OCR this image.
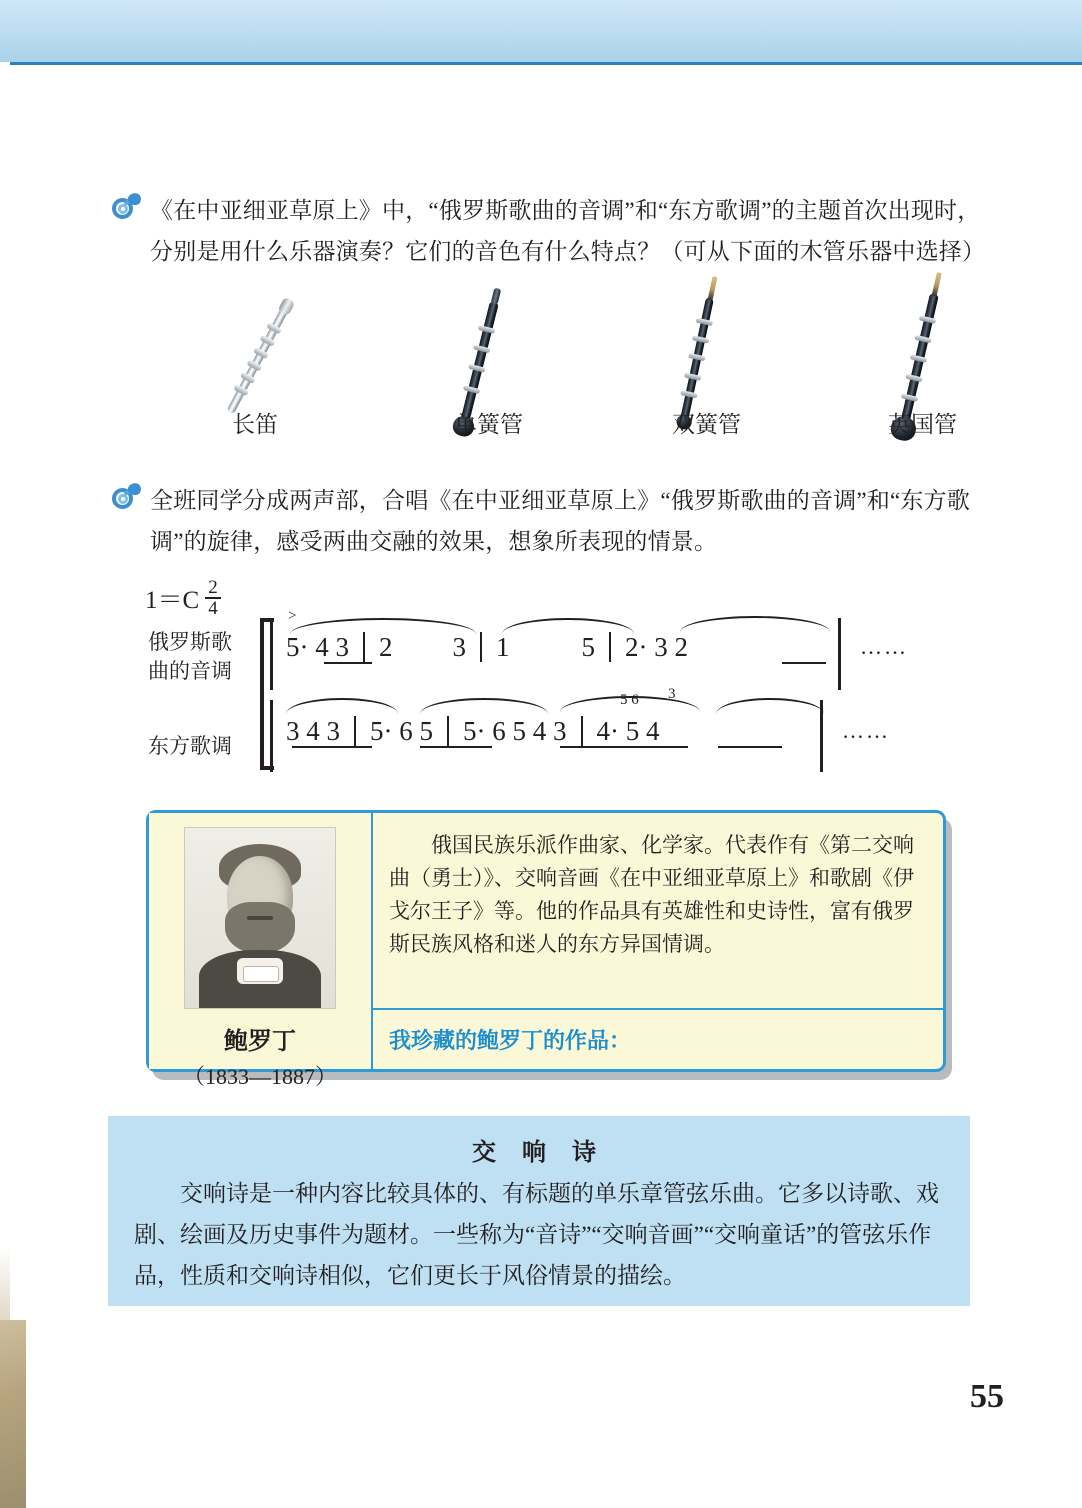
《在中亚细亚草原上》中，“俄罗斯歌曲的音调”和“东方歌调”的主题首次出现时，分别是用什么乐器演奏？它们的音色有什么特点？（可从下面的木管乐器中选择）
长笛	单簧管	双簧管	英国管
全班同学分成两声部，合唱《在中亚细亚草原上》“俄罗斯歌曲的音调”和“东方歌调”的旋律，感受两曲交融的效果，想象所表现的情景。
$1=C \frac{2}{4}$
俄罗斯歌
曲的音调
东方歌调
>
5· 4 3 2 3 1	5 2· 3 2	……
5 6 3
3 4 3 5· 6 5 5· 6 5 4 3 4· 5 4	……
鲍罗丁
（1833—1887）
俄国民族乐派作曲家、化学家。代表作有《第二交响曲（勇士）》、交响音画《在中亚细亚草原上》和歌剧《伊戈尔王子》等。他的作品具有英雄性和史诗性，富有俄罗斯民族风格和迷人的东方异国情调。
我珍藏的鲍罗丁的作品：
交 响 诗
交响诗是一种内容比较具体的、有标题的单乐章管弦乐曲。它多以诗歌、戏剧、绘画及历史事件为题材。一些称为“音诗”“交响音画”“交响童话”的管弦乐作品，性质和交响诗相似，它们更长于风俗情景的描绘。
55
